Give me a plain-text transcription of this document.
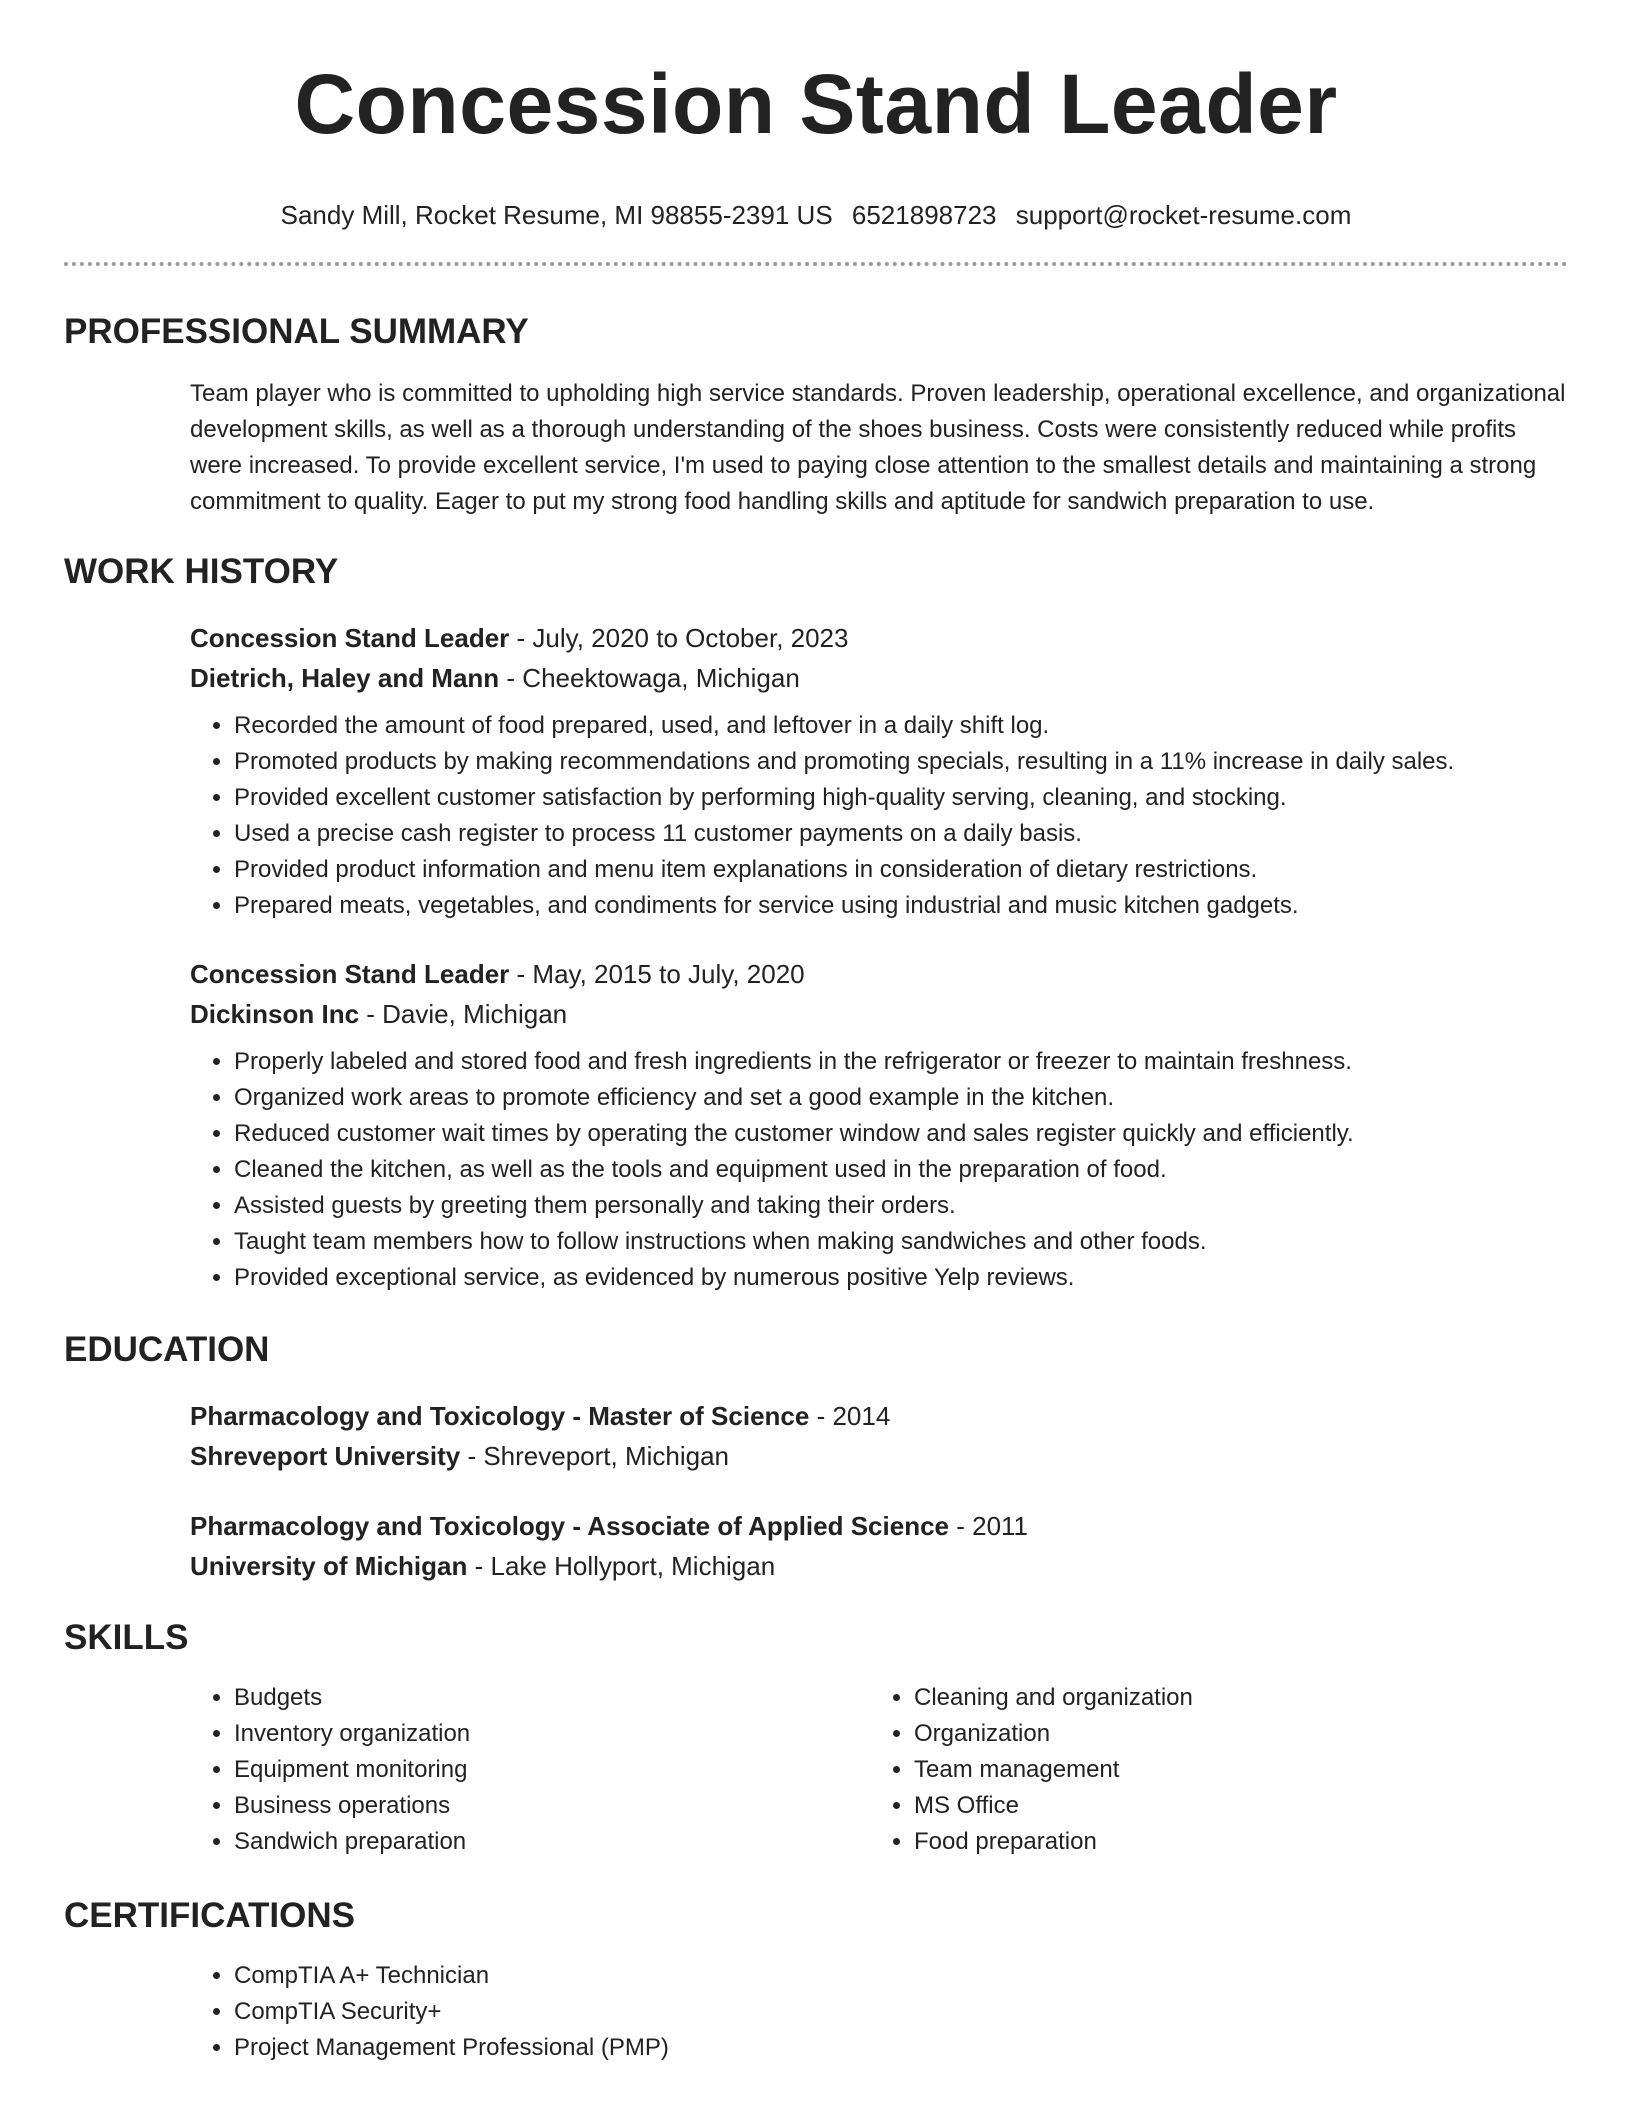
Concession Stand Leader
Sandy Mill, Rocket Resume, MI 98855-2391 US 6521898723 support@rocket-resume.com
PROFESSIONAL SUMMARY
Team player who is committed to upholding high service standards. Proven leadership, operational excellence, and organizational development skills, as well as a thorough understanding of the shoes business. Costs were consistently reduced while profits were increased. To provide excellent service, I'm used to paying close attention to the smallest details and maintaining a strong commitment to quality. Eager to put my strong food handling skills and aptitude for sandwich preparation to use.
WORK HISTORY
Concession Stand Leader - July, 2020 to October, 2023
Dietrich, Haley and Mann - Cheektowaga, Michigan
• Recorded the amount of food prepared, used, and leftover in a daily shift log.
• Promoted products by making recommendations and promoting specials, resulting in a 11% increase in daily sales.
• Provided excellent customer satisfaction by performing high-quality serving, cleaning, and stocking.
• Used a precise cash register to process 11 customer payments on a daily basis.
• Provided product information and menu item explanations in consideration of dietary restrictions.
• Prepared meats, vegetables, and condiments for service using industrial and music kitchen gadgets.
Concession Stand Leader - May, 2015 to July, 2020
Dickinson Inc - Davie, Michigan
• Properly labeled and stored food and fresh ingredients in the refrigerator or freezer to maintain freshness.
• Organized work areas to promote efficiency and set a good example in the kitchen.
• Reduced customer wait times by operating the customer window and sales register quickly and efficiently.
• Cleaned the kitchen, as well as the tools and equipment used in the preparation of food.
• Assisted guests by greeting them personally and taking their orders.
• Taught team members how to follow instructions when making sandwiches and other foods.
• Provided exceptional service, as evidenced by numerous positive Yelp reviews.
EDUCATION
Pharmacology and Toxicology - Master of Science - 2014
Shreveport University - Shreveport, Michigan
Pharmacology and Toxicology - Associate of Applied Science - 2011
University of Michigan - Lake Hollyport, Michigan
SKILLS
• Budgets
• Inventory organization
• Equipment monitoring
• Business operations
• Sandwich preparation
• Cleaning and organization
• Organization
• Team management
• MS Office
• Food preparation
CERTIFICATIONS
• CompTIA A+ Technician
• CompTIA Security+
• Project Management Professional (PMP)
